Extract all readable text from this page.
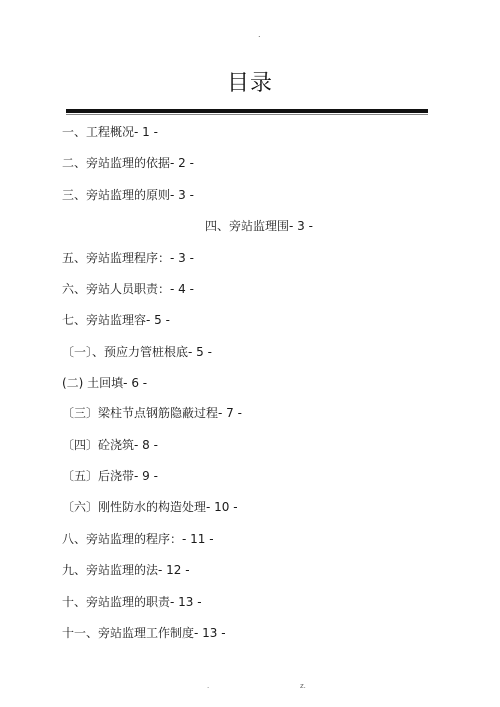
.
目录
一、工程概况- 1 -
二、旁站监理的依据- 2 -
三、旁站监理的原则- 3 -
四、旁站监理围- 3 -
五、旁站监理程序：- 3 -
六、旁站人员职责：- 4 -
七、旁站监理容- 5 -
〔一〕、预应力管桩根底- 5 -
(二) 土回填- 6 -
〔三〕梁柱节点钢筋隐蔽过程- 7 -
〔四〕砼浇筑- 8 -
〔五〕后浇带- 9 -
〔六〕刚性防水的构造处理- 10 -
八、旁站监理的程序：- 11 -
九、旁站监理的法- 12 -
十、旁站监理的职责- 13 -
十一、旁站监理工作制度- 13 -
.	z.
